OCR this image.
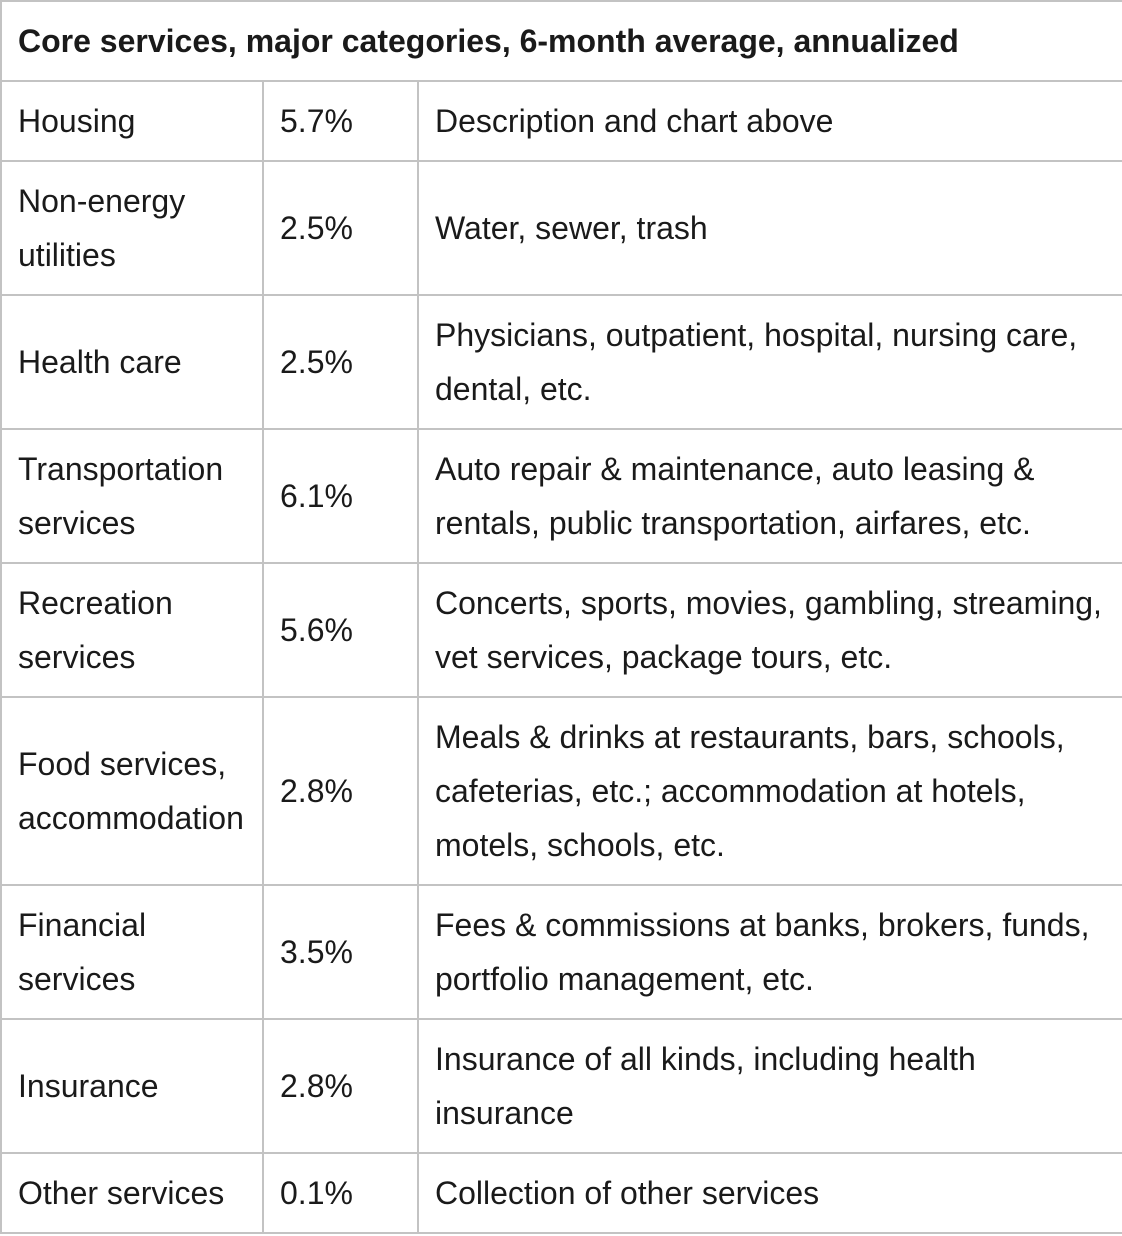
Core services, major categories, 6-month average, annualized		
Housing	5.7%	Description and chart above
Non-energy utilities	2.5%	Water, sewer, trash
Health care	2.5%	Physicians, outpatient, hospital, nursing care, dental, etc.
Transportation services	6.1%	Auto repair & maintenance, auto leasing & rentals, public transportation, airfares, etc.
Recreation services	5.6%	Concerts, sports, movies, gambling, streaming, vet services, package tours, etc.
Food services, accommodation	2.8%	Meals & drinks at restaurants, bars, schools, cafeterias, etc.; accommodation at hotels, motels, schools, etc.
Financial services	3.5%	Fees & commissions at banks, brokers, funds, portfolio management, etc.
Insurance	2.8%	Insurance of all kinds, including health insurance
Other services	0.1%	Collection of other services
